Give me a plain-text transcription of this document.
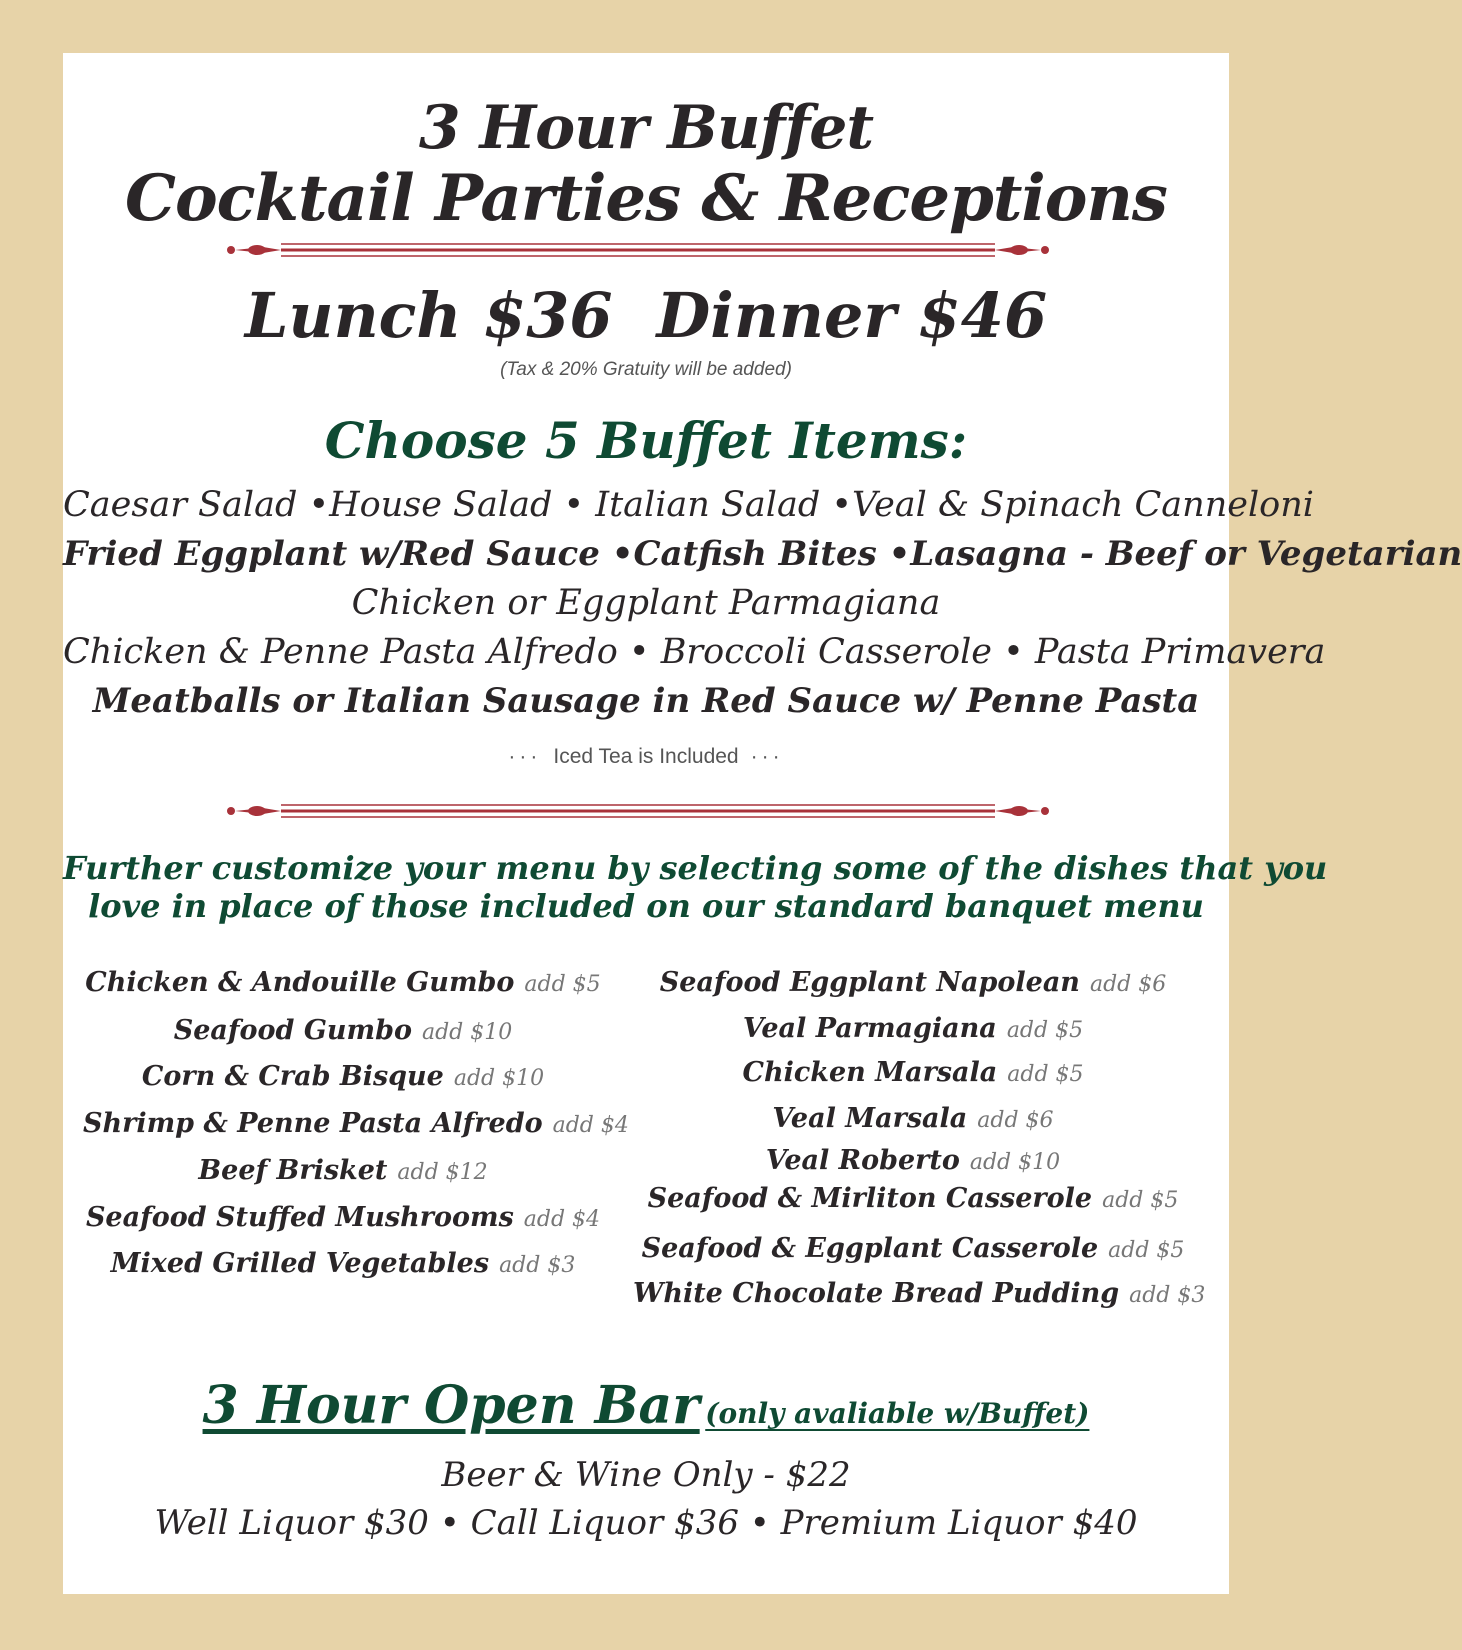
3 Hour Buffet
Cocktail Parties & Receptions
Lunch $36 Dinner $46
(Tax & 20% Gratuity will be added)
Choose 5 Buffet Items:
Caesar Salad •House Salad • Italian Salad •Veal & Spinach Canneloni
Fried Eggplant w/Red Sauce •Catfish Bites •Lasagna - Beef or Vegetarian
Chicken or Eggplant Parmagiana
Chicken & Penne Pasta Alfredo • Broccoli Casserole • Pasta Primavera
Meatballs or Italian Sausage in Red Sauce w/ Penne Pasta
··· Iced Tea is Included ···
Further customize your menu by selecting some of the dishes that you
love in place of those included on our standard banquet menu
Chicken & Andouille Gumbo add $5
Seafood Gumbo add $10
Corn & Crab Bisque add $10
Shrimp & Penne Pasta Alfredo add $4
Beef Brisket add $12
Seafood Stuffed Mushrooms add $4
Mixed Grilled Vegetables add $3
Seafood Eggplant Napolean add $6
Veal Parmagiana add $5
Chicken Marsala add $5
Veal Marsala add $6
Veal Roberto add $10
Seafood & Mirliton Casserole add $5
Seafood & Eggplant Casserole add $5
White Chocolate Bread Pudding add $3
3 Hour Open Bar (only avaliable w/Buffet)
Beer & Wine Only - $22
Well Liquor $30 • Call Liquor $36 • Premium Liquor $40
